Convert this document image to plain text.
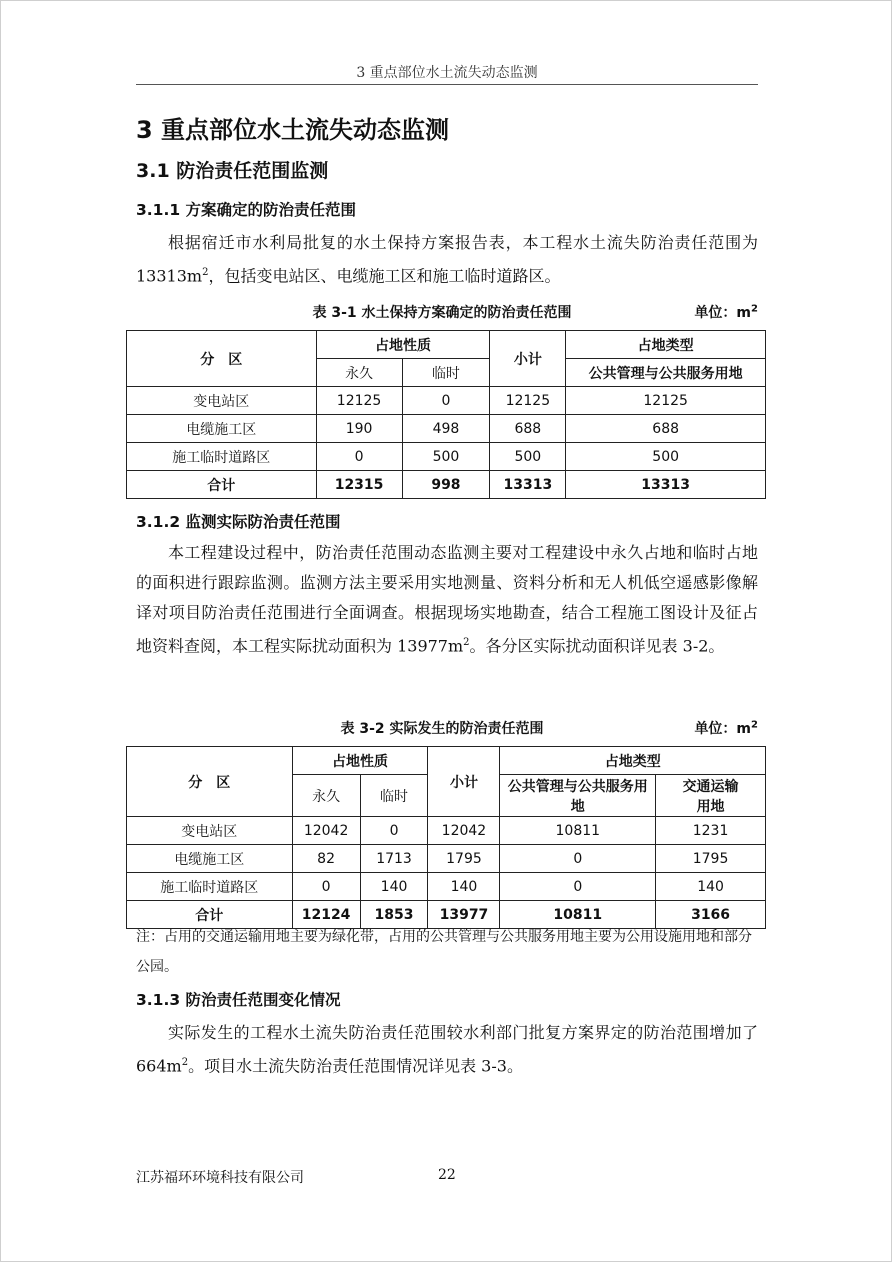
3 重点部位水土流失动态监测
3 重点部位水土流失动态监测
3.1 防治责任范围监测
3.1.1 方案确定的防治责任范围

根据宿迁市水利局批复的水土保持方案报告表，本工程水土流失防治责任范围为 $13313m^2$，包括变电站区、电缆施工区和施工临时道路区。

表 3-1 水土保持方案确定的防治责任范围	单位：$m^2$
分　区	占地性质		小计	占地类型
	永久	临时		公共管理与公共服务用地
变电站区	12125	0	12125	12125
电缆施工区	190	498	688	688
施工临时道路区	0	500	500	500
合计	12315	998	13313	13313
3.1.2 监测实际防治责任范围

本工程建设过程中，防治责任范围动态监测主要对工程建设中永久占地和临时占地的面积进行跟踪监测。监测方法主要采用实地测量、资料分析和无人机低空遥感影像解译对项目防治责任范围进行全面调查。根据现场实地勘查，结合工程施工图设计及征占地资料查阅，本工程实际扰动面积为 $13977m^2$。各分区实际扰动面积详见表 3-2。

表 3-2 实际发生的防治责任范围	单位：$m^2$
分　区	占地性质		小计	占地类型	
	永久	临时		公共管理与公共服务用地	交通运输用地
变电站区	12042	0	12042	10811	1231
电缆施工区	82	1713	1795	0	1795
施工临时道路区	0	140	140	0	140
合计	12124	1853	13977	10811	3166

注：占用的交通运输用地主要为绿化带，占用的公共管理与公共服务用地主要为公用设施用地和部分公园。

3.1.3 防治责任范围变化情况

实际发生的工程水土流失防治责任范围较水利部门批复方案界定的防治范围增加了 $664m^2$。项目水土流失防治责任范围情况详见表 3-3。

江苏福环环境科技有限公司	22
